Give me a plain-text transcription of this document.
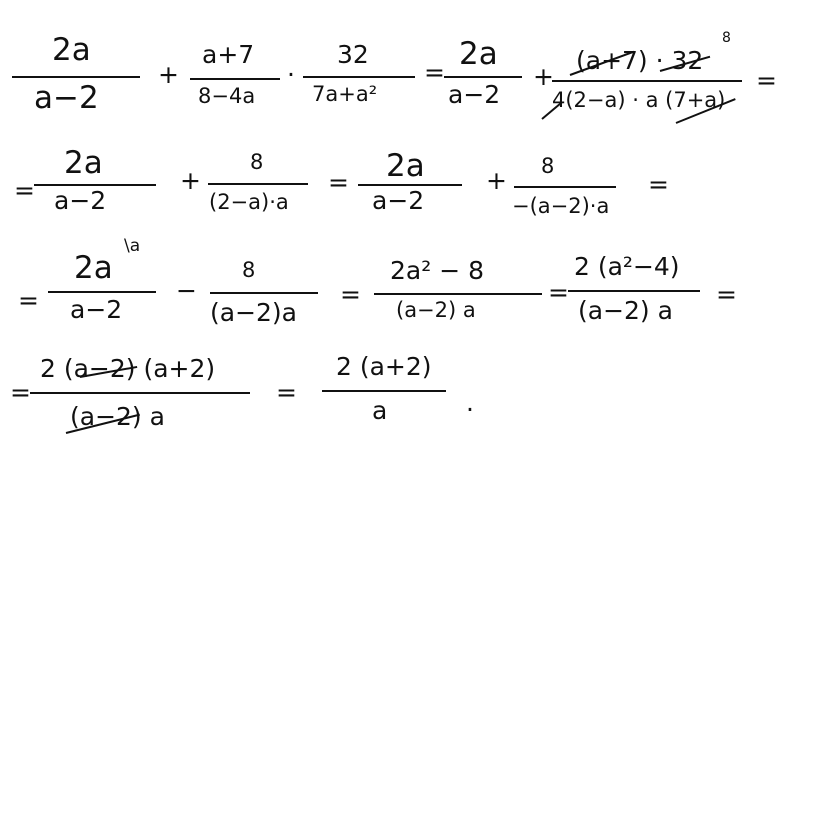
2a
a−2
+
a+7
8−4a
·
32
7a+a²
=
2a
a−2
+
(a+7) · 32
8
4(2−a) · a (7+a)
=
=
2a
a−2
+
8
(2−a)·a
= 2a
a−2
+ 8
−(a−2)·a
=
=
2a
\a
a−2
−
8
(a−2)a
=
2a² − 8
(a−2) a
=
2 (a²−4)
(a−2) a
=
=
2 (a−2) (a+2)
(a−2) a
=
2 (a+2)
a	.
